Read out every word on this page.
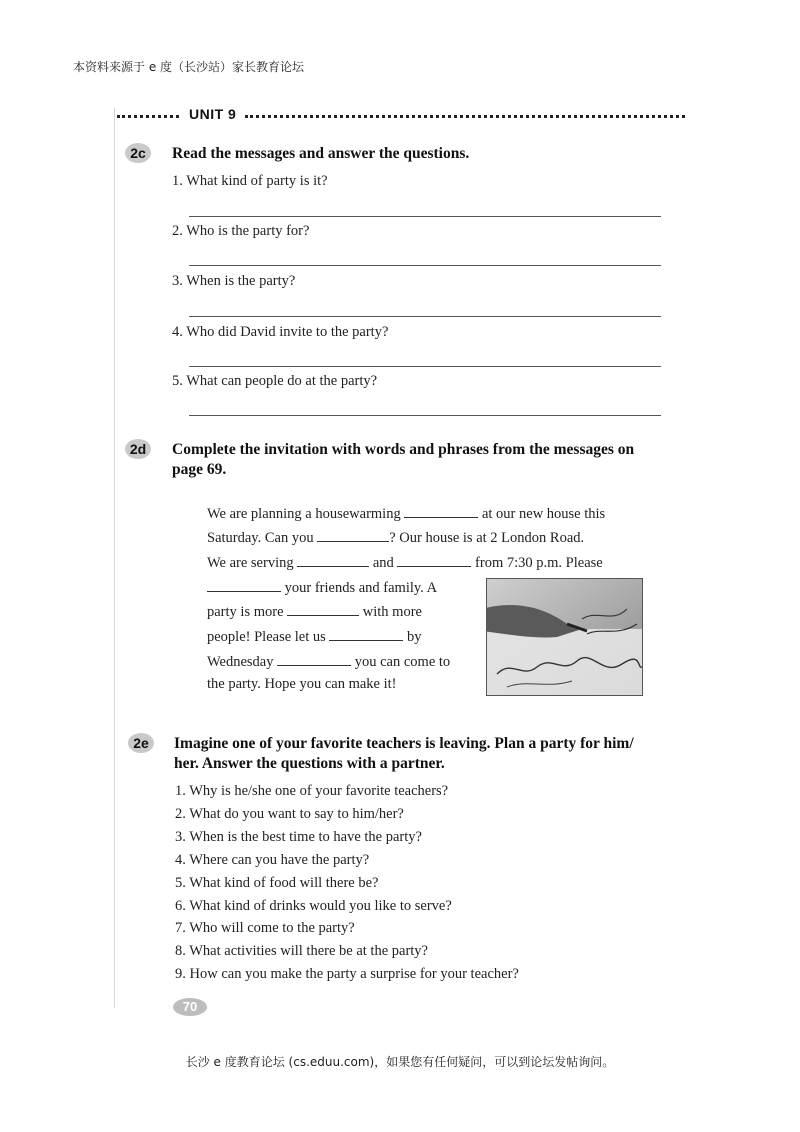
本资料来源于 e 度（长沙站）家长教育论坛
UNIT 9
2c	Read the messages and answer the questions.
1. What kind of party is it?
2. Who is the party for?
3. When is the party?
4. Who did David invite to the party?
5. What can people do at the party?
2d	Complete the invitation with words and phrases from the messages on
page 69.
We are planning a housewarming	at our new house this
Saturday. Can you	? Our house is at 2 London Road.
We are serving	and	from 7:30 p.m. Please
your friends and family. A
party is more	with more
people! Please let us	by
Wednesday	you can come to
the party. Hope you can make it!
2e	Imagine one of your favorite teachers is leaving. Plan a party for him/
her. Answer the questions with a partner.
1. Why is he/she one of your favorite teachers?
2. What do you want to say to him/her?
3. When is the best time to have the party?
4. Where can you have the party?
5. What kind of food will there be?
6. What kind of drinks would you like to serve?
7. Who will come to the party?
8. What activities will there be at the party?
9. How can you make the party a surprise for your teacher?
70
长沙 e 度教育论坛 (cs.eduu.com)，如果您有任何疑问，可以到论坛发帖询问。
